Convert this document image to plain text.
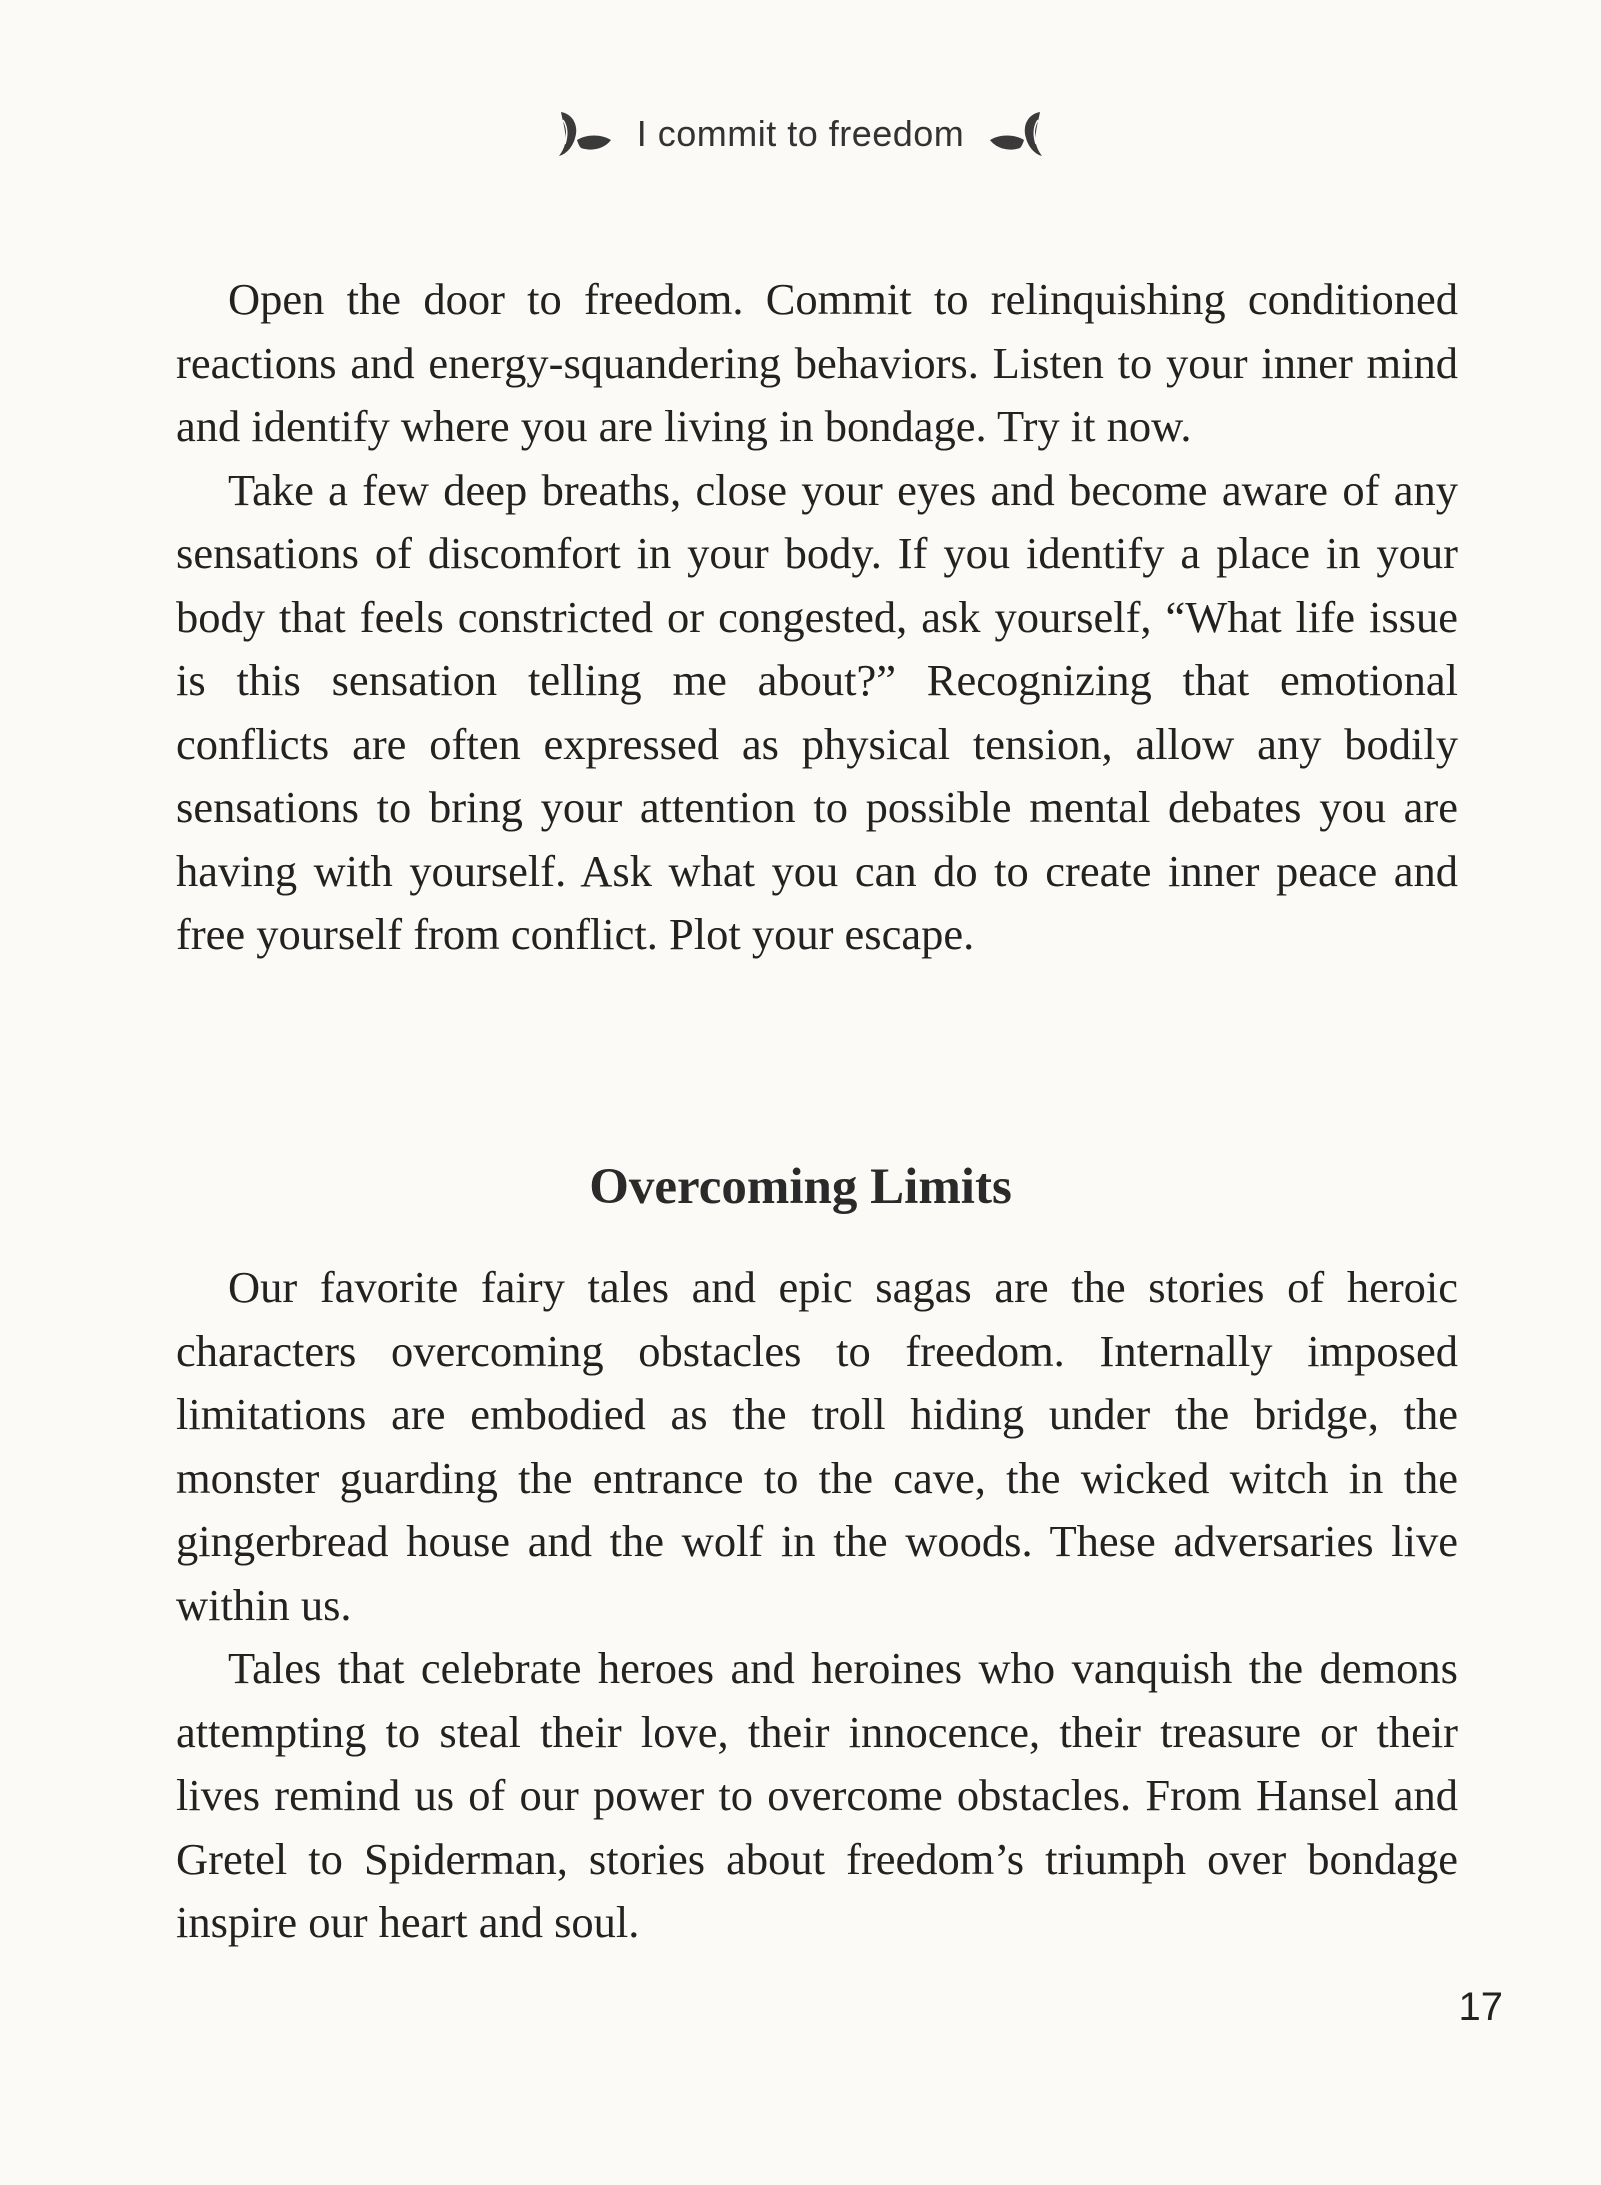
I commit to freedom

Open the door to freedom. Commit to relinquishing conditioned reactions and energy-squandering behaviors. Listen to your inner mind and identify where you are living in bondage. Try it now.

Take a few deep breaths, close your eyes and become aware of any sensations of discomfort in your body. If you identify a place in your body that feels constricted or congested, ask yourself, “What life issue is this sensation telling me about?” Recognizing that emotional conflicts are often expressed as physical tension, allow any bodily sensations to bring your attention to possible mental debates you are having with yourself. Ask what you can do to create inner peace and free yourself from conflict. Plot your escape.

Overcoming Limits

Our favorite fairy tales and epic sagas are the stories of heroic characters overcoming obstacles to freedom. Internally imposed limitations are embodied as the troll hiding under the bridge, the monster guarding the entrance to the cave, the wicked witch in the gingerbread house and the wolf in the woods. These adversaries live within us.

Tales that celebrate heroes and heroines who vanquish the demons attempting to steal their love, their innocence, their treasure or their lives remind us of our power to overcome obstacles. From Hansel and Gretel to Spiderman, stories about freedom’s triumph over bondage inspire our heart and soul.

17
